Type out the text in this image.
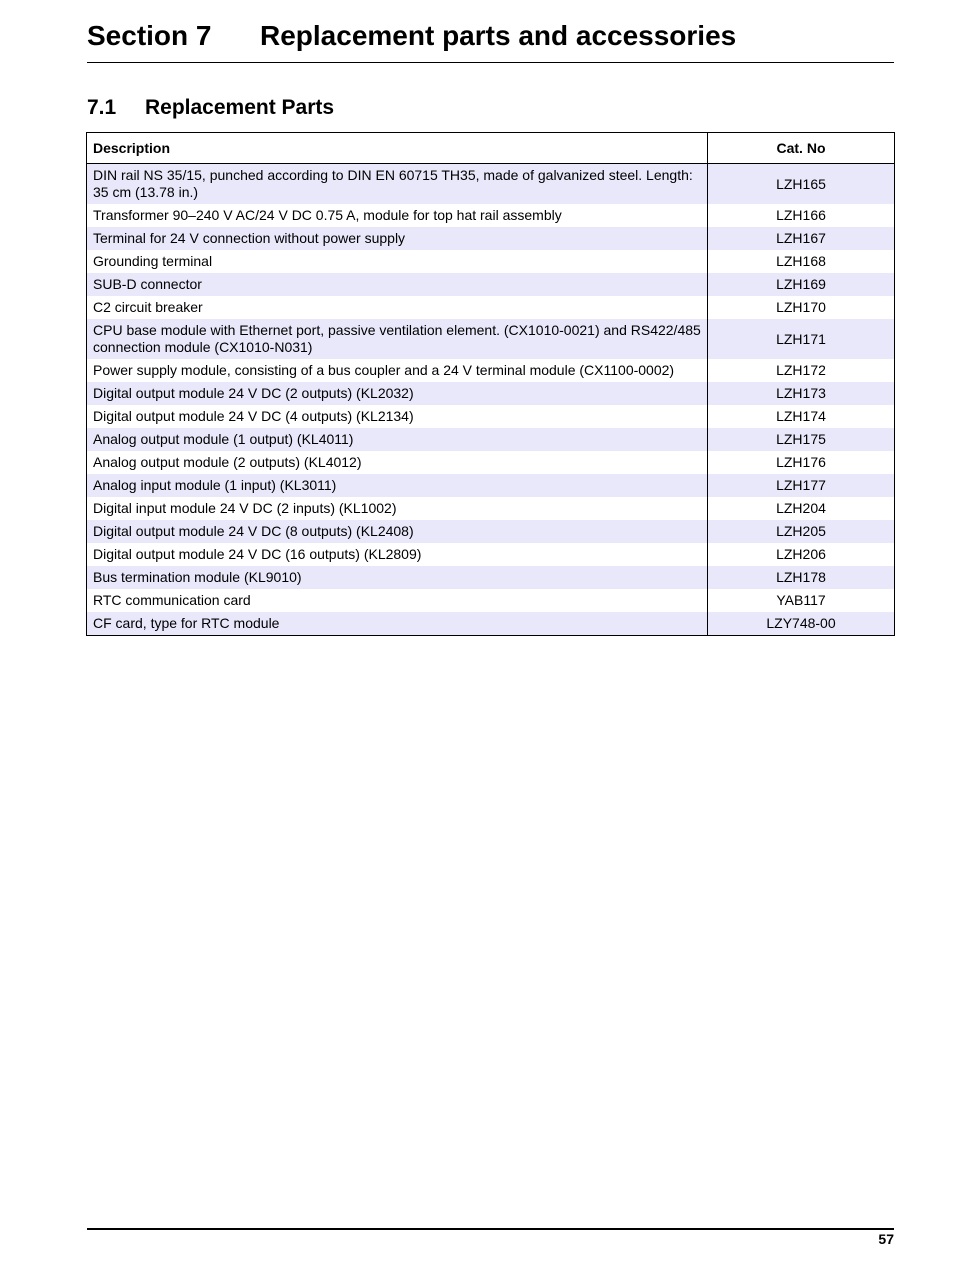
Section 7 Replacement parts and accessories
7.1 Replacement Parts
Description	Cat. No
DIN rail NS 35/15, punched according to DIN EN 60715 TH35, made of galvanized steel. Length: 35 cm (13.78 in.)	LZH165
Transformer 90–240 V AC/24 V DC 0.75 A, module for top hat rail assembly	LZH166
Terminal for 24 V connection without power supply	LZH167
Grounding terminal	LZH168
SUB-D connector	LZH169
C2 circuit breaker	LZH170
CPU base module with Ethernet port, passive ventilation element. (CX1010-0021) and RS422/485 connection module (CX1010-N031)	LZH171
Power supply module, consisting of a bus coupler and a 24 V terminal module (CX1100-0002)	LZH172
Digital output module 24 V DC (2 outputs) (KL2032)	LZH173
Digital output module 24 V DC (4 outputs) (KL2134)	LZH174
Analog output module (1 output) (KL4011)	LZH175
Analog output module (2 outputs) (KL4012)	LZH176
Analog input module (1 input) (KL3011)	LZH177
Digital input module 24 V DC (2 inputs) (KL1002)	LZH204
Digital output module 24 V DC (8 outputs) (KL2408)	LZH205
Digital output module 24 V DC (16 outputs) (KL2809)	LZH206
Bus termination module (KL9010)	LZH178
RTC communication card	YAB117
CF card, type for RTC module	LZY748-00
57
